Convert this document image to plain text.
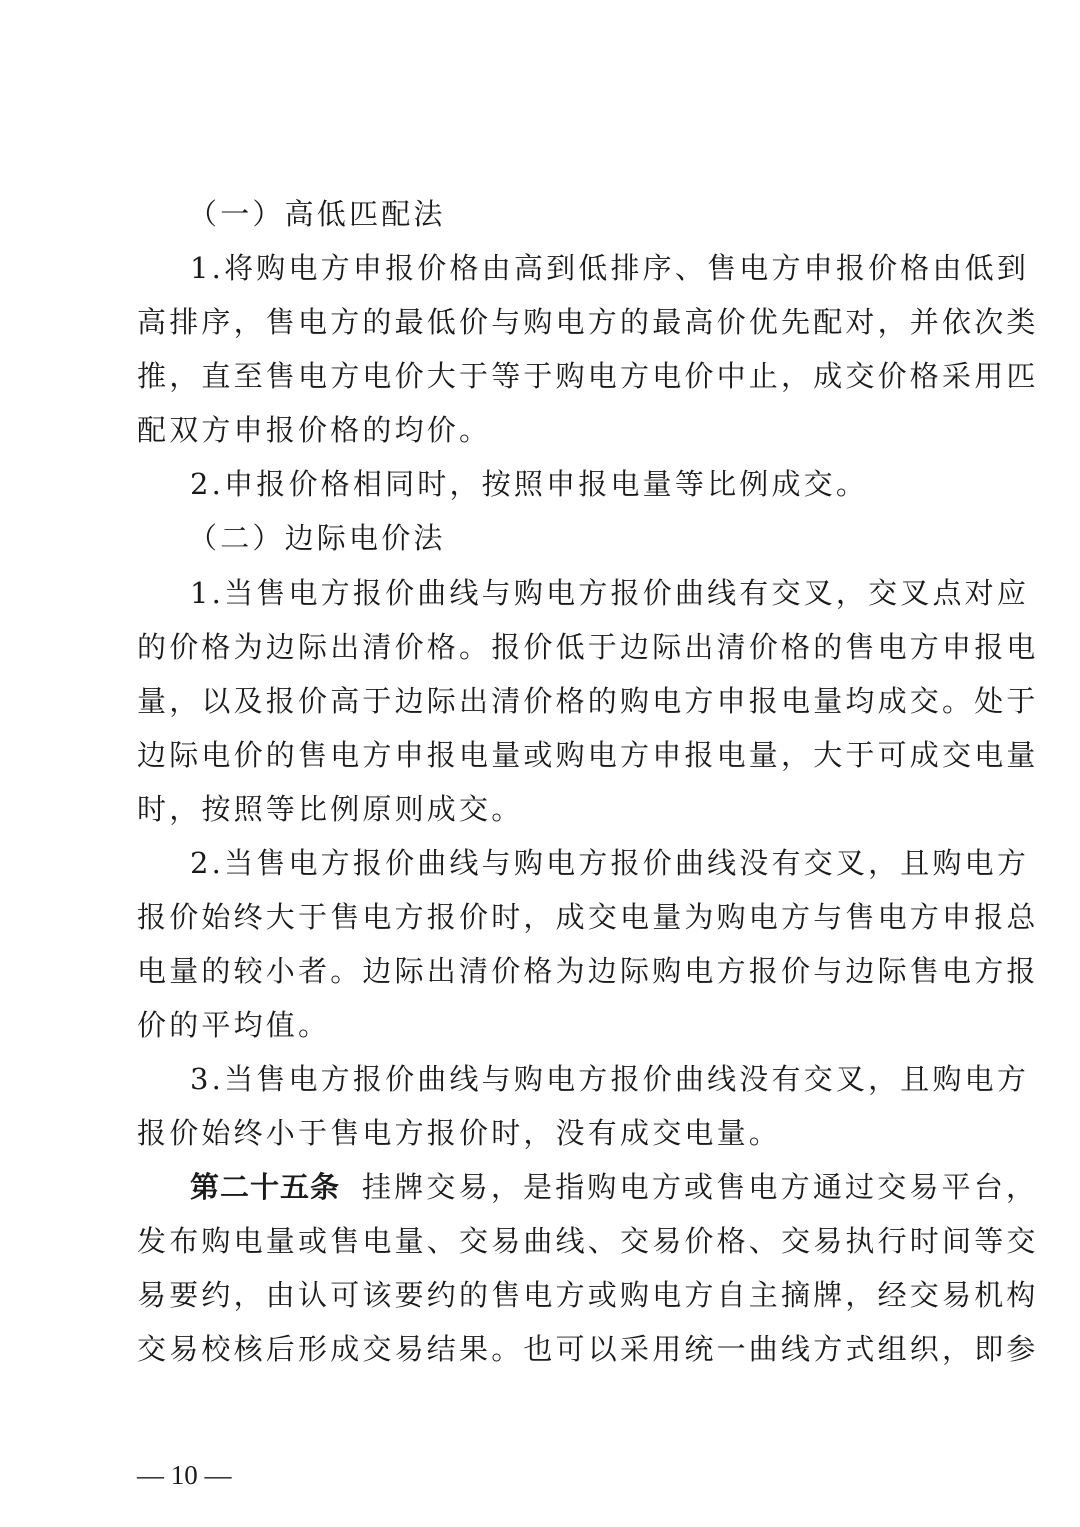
（一）高低匹配法
1.将购电方申报价格由高到低排序、售电方申报价格由低到
高排序，售电方的最低价与购电方的最高价优先配对，并依次类
推，直至售电方电价大于等于购电方电价中止，成交价格采用匹
配双方申报价格的均价。
2.申报价格相同时，按照申报电量等比例成交。
（二）边际电价法
1.当售电方报价曲线与购电方报价曲线有交叉，交叉点对应
的价格为边际出清价格。报价低于边际出清价格的售电方申报电
量，以及报价高于边际出清价格的购电方申报电量均成交。处于
边际电价的售电方申报电量或购电方申报电量，大于可成交电量
时，按照等比例原则成交。
2.当售电方报价曲线与购电方报价曲线没有交叉，且购电方
报价始终大于售电方报价时，成交电量为购电方与售电方申报总
电量的较小者。边际出清价格为边际购电方报价与边际售电方报
价的平均值。
3.当售电方报价曲线与购电方报价曲线没有交叉，且购电方
报价始终小于售电方报价时，没有成交电量。
第二十五条 挂牌交易，是指购电方或售电方通过交易平台，
发布购电量或售电量、交易曲线、交易价格、交易执行时间等交
易要约，由认可该要约的售电方或购电方自主摘牌，经交易机构
交易校核后形成交易结果。也可以采用统一曲线方式组织，即参
— 10 —
